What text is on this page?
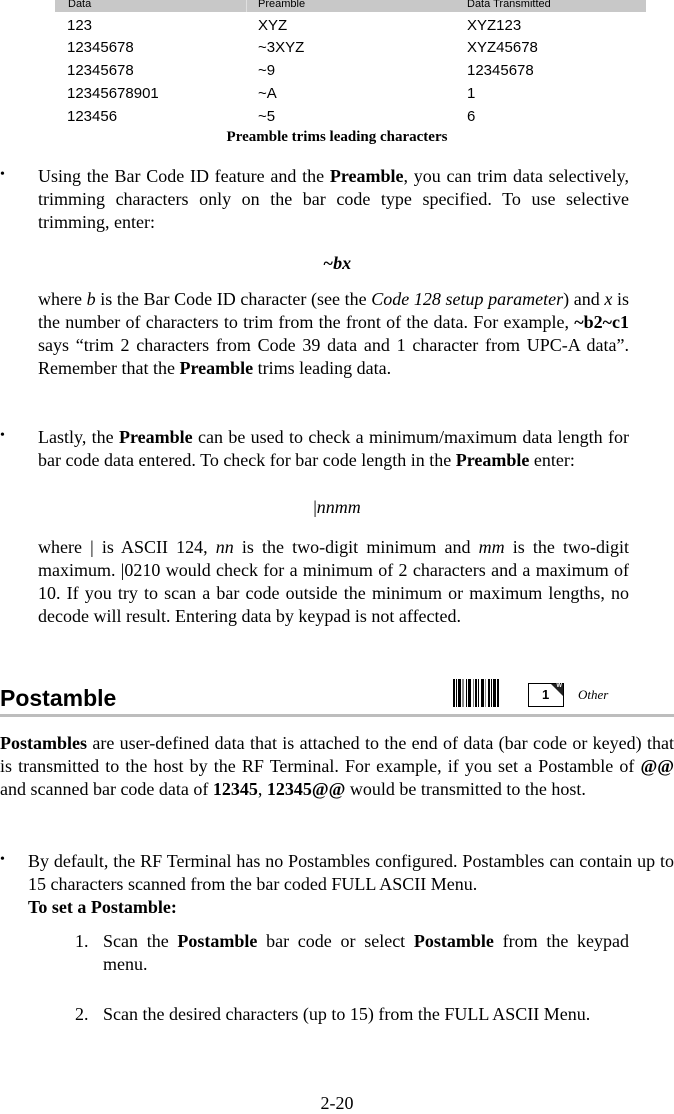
Data	Preamble	Data Transmitted
123	XYZ	XYZ123
12345678	~3XYZ	XYZ45678
12345678	~9	12345678
12345678901	~A	1
123456	~5	6
Preamble trims leading characters
• Using the Bar Code ID feature and the Preamble, you can trim data selectively, trimming characters only on the bar code type specified. To use selective trimming, enter:
~bx
where b is the Bar Code ID character (see the Code 128 setup parameter) and x is the number of characters to trim from the front of the data. For example, ~b2~c1 says “trim 2 characters from Code 39 data and 1 character from UPC-A data”. Remember that the Preamble trims leading data.
• Lastly, the Preamble can be used to check a minimum/maximum data length for bar code data entered. To check for bar code length in the Preamble enter:
|nnmm
where | is ASCII 124, nn is the two-digit minimum and mm is the two-digit maximum. |0210 would check for a minimum of 2 characters and a maximum of 10. If you try to scan a bar code outside the minimum or maximum lengths, no decode will result. Entering data by keypad is not affected.
Postamble	1
W
Other
Postambles are user-defined data that is attached to the end of data (bar code or keyed) that is transmitted to the host by the RF Terminal. For example, if you set a Postamble of @@ and scanned bar code data of 12345, 12345@@ would be transmitted to the host.
• By default, the RF Terminal has no Postambles configured. Postambles can contain up to 15 characters scanned from the bar coded FULL ASCII Menu.
To set a Postamble:
1. Scan the Postamble bar code or select Postamble from the keypad menu.
2. Scan the desired characters (up to 15) from the FULL ASCII Menu.
2-20
